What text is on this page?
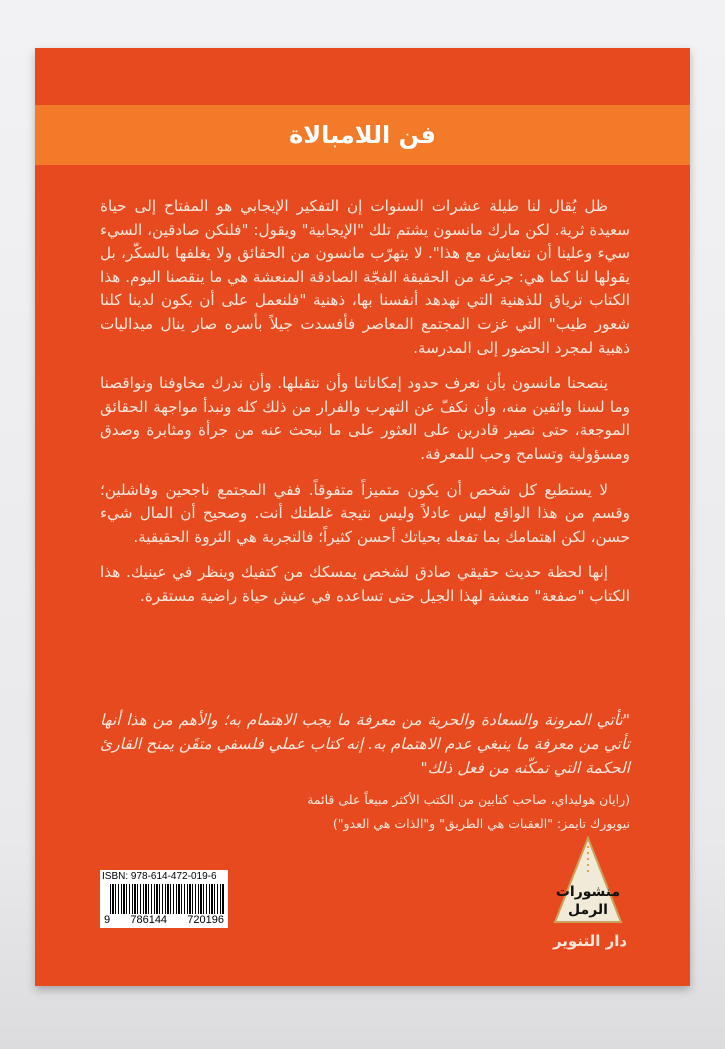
فن اللامبالاة

ظل يُقال لنا طيلة عشرات السنوات إن التفكير الإيجابي هو المفتاح إلى حياة سعيدة ثرية. لكن مارك مانسون يشتم تلك "الإيجابية" ويقول: "فلنكن صادقين، السيء سيء وعلينا أن نتعايش مع هذا". لا يتهرّب مانسون من الحقائق ولا يغلفها بالسكّر، بل يقولها لنا كما هي: جرعة من الحقيقة الفجّة الصادقة المنعشة هي ما ينقصنا اليوم. هذا الكتاب ترياق للذهنية التي نهدهد أنفسنا بها، ذهنية "فلنعمل على أن يكون لدينا كلنا شعور طيب" التي غزت المجتمع المعاصر فأفسدت جيلاً بأسره صار ينال ميداليات ذهبية لمجرد الحضور إلى المدرسة.

ينصحنا مانسون بأن نعرف حدود إمكاناتنا وأن نتقبلها. وأن ندرك مخاوفنا ونواقصنا وما لسنا واثقين منه، وأن نكفّ عن التهرب والفرار من ذلك كله ونبدأ مواجهة الحقائق الموجعة، حتى نصير قادرين على العثور على ما نبحث عنه من جرأة ومثابرة وصدق ومسؤولية وتسامح وحب للمعرفة.

لا يستطيع كل شخص أن يكون متميزاً متفوقاً. ففي المجتمع ناجحين وفاشلين؛ وقسم من هذا الواقع ليس عادلاً وليس نتيجة غلطتك أنت. وصحيح أن المال شيء حسن، لكن اهتمامك بما تفعله بحياتك أحسن كثيراً؛ فالتجربة هي الثروة الحقيقية.

إنها لحظة حديث حقيقي صادق لشخص يمسكك من كتفيك وينظر في عينيك. هذا الكتاب "صفعة" منعشة لهذا الجيل حتى تساعده في عيش حياة راضية مستقرة.

"تأتي المرونة والسعادة والحرية من معرفة ما يجب الاهتمام به؛ والأهم من هذا أنها تأتي من معرفة ما ينبغي عدم الاهتمام به. إنه كتاب عملي فلسفي متقَن يمنح القارئ الحكمة التي تمكّنه من فعل ذلك"
(رايان هوليداي، صاحب كتابين من الكتب الأكثر مبيعاً على قائمة
نيويورك تايمز: "العقبات هي الطريق" و"الذات هي العدو")
ISBN: 978-614-472-019-6
9 786144 720196
منشورات
الرمل
دار التنوير
